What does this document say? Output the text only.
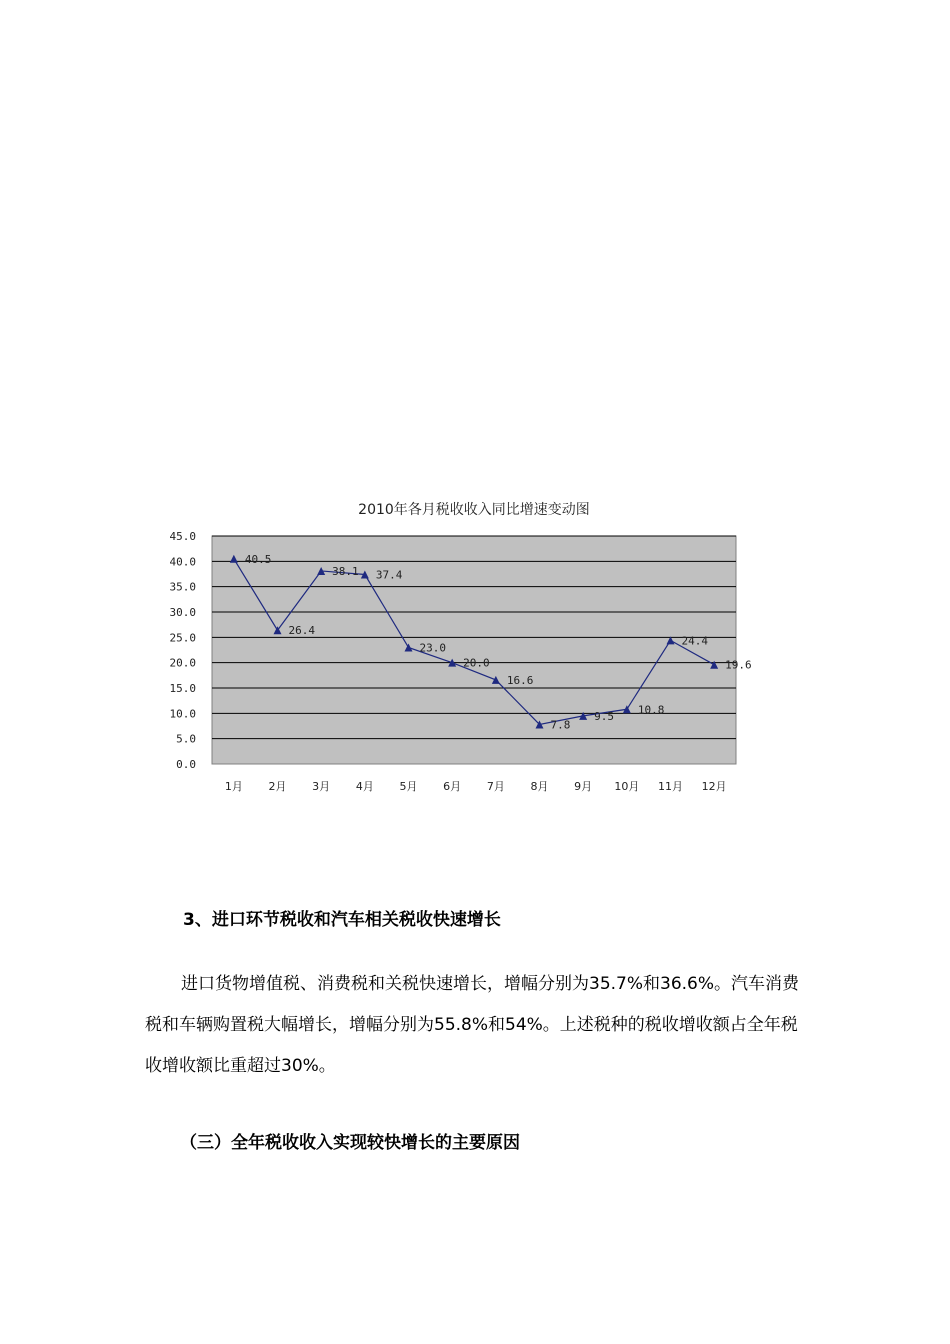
2010年各月税收收入同比增速变动图
0.0
5.0
10.0
15.0
20.0
25.0
30.0
35.0
40.0
45.0
1月 2月 3月 4月 5月 6月 7月 8月 9月 10月 11月 12月
40.5
26.4
38.1 37.4
23.0
20.0
16.6
7.8
9.5
10.8
24.4
19.6
3、进口环节税收和汽车相关税收快速增长

进口货物增值税、消费税和关税快速增长，增幅分别为35.7%和36.6%。汽车消费税和车辆购置税大幅增长，增幅分别为55.8%和54%。上述税种的税收增收额占全年税收增收额比重超过30%。

（三）全年税收收入实现较快增长的主要原因
